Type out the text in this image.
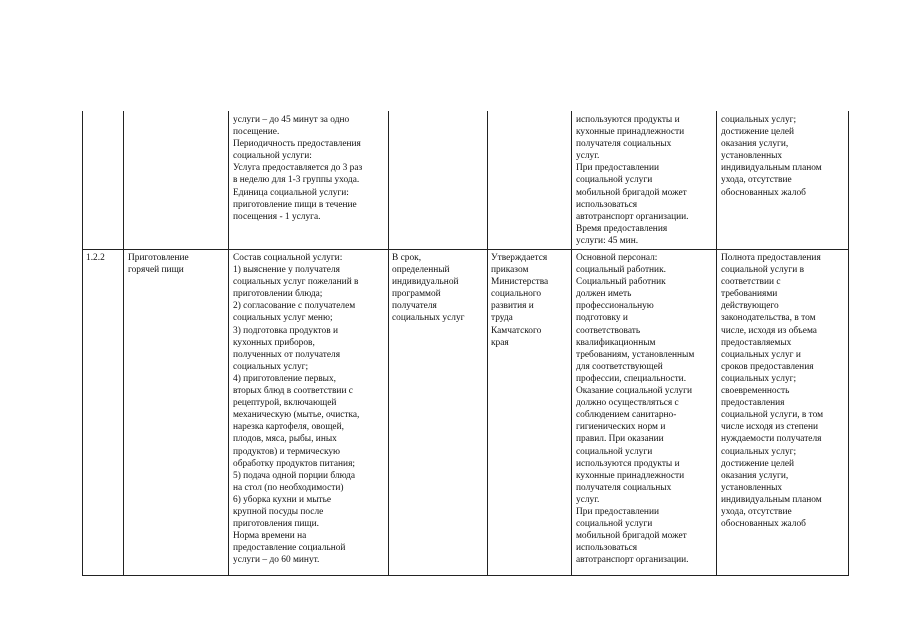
услуги – до 45 минут за одно
посещение.
Периодичность предоставления
социальной услуги:
Услуга предоставляется до 3 раз
в неделю для 1-3 группы ухода.
Единица социальной услуги:
приготовление пищи в течение
посещения - 1 услуга.
используются продукты и
кухонные принадлежности
получателя социальных
услуг.
При предоставлении
социальной услуги
мобильной бригадой может
использоваться
автотранспорт организации.
Время предоставления
услуги: 45 мин.
социальных услуг;
достижение целей
оказания услуги,
установленных
индивидуальным планом
ухода, отсутствие
обоснованных жалоб
1.2.2	Приготовление
горячей пищи
Состав социальной услуги:
1) выяснение у получателя
социальных услуг пожеланий в
приготовлении блюда;
2) согласование с получателем
социальных услуг меню;
3) подготовка продуктов и
кухонных приборов,
полученных от получателя
социальных услуг;
4) приготовление первых,
вторых блюд в соответствии с
рецептурой, включающей
механическую (мытье, очистка,
нарезка картофеля, овощей,
плодов, мяса, рыбы, иных
продуктов) и термическую
обработку продуктов питания;
5) подача одной порции блюда
на стол (по необходимости)
6) уборка кухни и мытье
крупной посуды после
приготовления пищи.
Норма времени на
предоставление социальной
услуги – до 60 минут.
В срок,
определенный
индивидуальной
программой
получателя
социальных услуг
Утверждается
приказом
Министерства
социального
развития и
труда
Камчатского
края
Основной персонал:
социальный работник.
Социальный работник
должен иметь
профессиональную
подготовку и
соответствовать
квалификационным
требованиям, установленным
для соответствующей
профессии, специальности.
Оказание социальной услуги
должно осуществляться с
соблюдением санитарно-
гигиенических норм и
правил. При оказании
социальной услуги
используются продукты и
кухонные принадлежности
получателя социальных
услуг.
При предоставлении
социальной услуги
мобильной бригадой может
использоваться
автотранспорт организации.
Полнота предоставления
социальной услуги в
соответствии с
требованиями
действующего
законодательства, в том
числе, исходя из объема
предоставляемых
социальных услуг и
сроков предоставления
социальных услуг;
своевременность
предоставления
социальной услуги, в том
числе исходя из степени
нуждаемости получателя
социальных услуг;
достижение целей
оказания услуги,
установленных
индивидуальным планом
ухода, отсутствие
обоснованных жалоб
